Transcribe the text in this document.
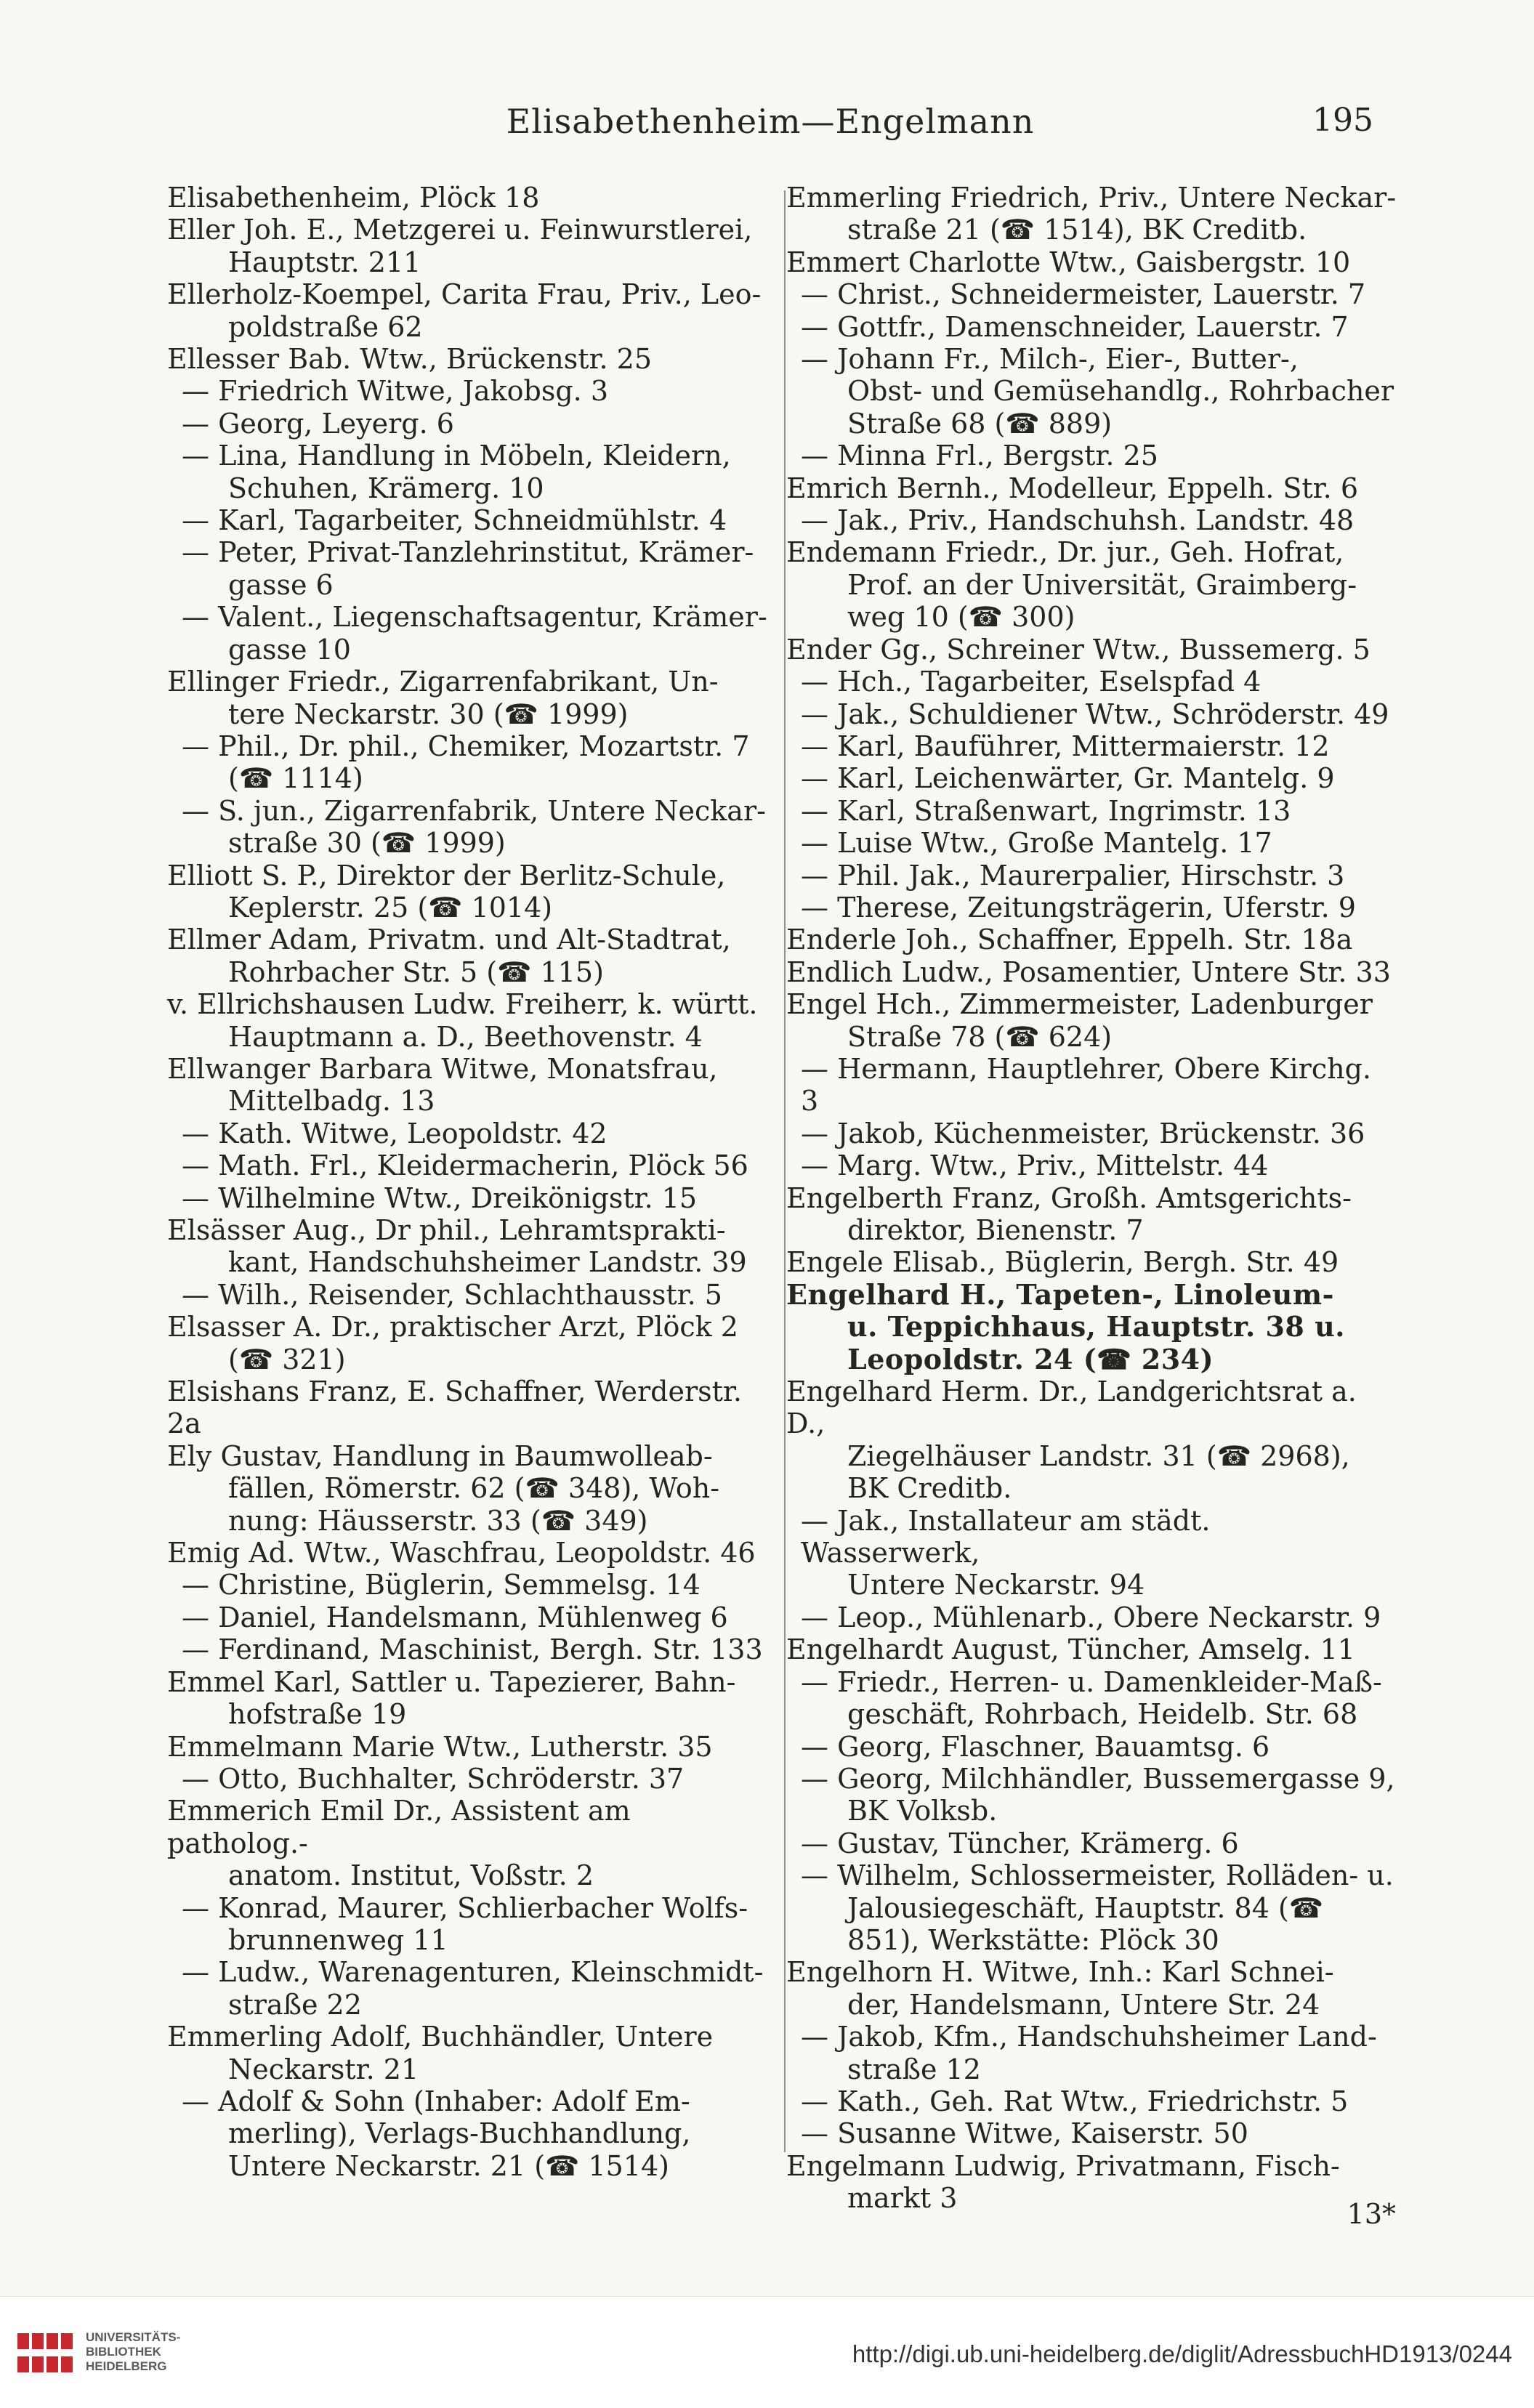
Elisabethenheim—Engelmann	195
Elisabethenheim, Plöck 18
Eller Joh. E., Metzgerei u. Feinwurstlerei,
Hauptstr. 211
Ellerholz-Koempel, Carita Frau, Priv., Leo-
poldstraße 62
Ellesser Bab. Wtw., Brückenstr. 25
— Friedrich Witwe, Jakobsg. 3
— Georg, Leyerg. 6
— Lina, Handlung in Möbeln, Kleidern,
Schuhen, Krämerg. 10
— Karl, Tagarbeiter, Schneidmühlstr. 4
— Peter, Privat-Tanzlehrinstitut, Krämer-
gasse 6
— Valent., Liegenschaftsagentur, Krämer-
gasse 10
Ellinger Friedr., Zigarrenfabrikant, Un-
tere Neckarstr. 30 (☎ 1999)
— Phil., Dr. phil., Chemiker, Mozartstr. 7
(☎ 1114)
— S. jun., Zigarrenfabrik, Untere Neckar-
straße 30 (☎ 1999)
Elliott S. P., Direktor der Berlitz-Schule,
Keplerstr. 25 (☎ 1014)
Ellmer Adam, Privatm. und Alt-Stadtrat,
Rohrbacher Str. 5 (☎ 115)
v. Ellrichshausen Ludw. Freiherr, k. württ.
Hauptmann a. D., Beethovenstr. 4
Ellwanger Barbara Witwe, Monatsfrau,
Mittelbadg. 13
— Kath. Witwe, Leopoldstr. 42
— Math. Frl., Kleidermacherin, Plöck 56
— Wilhelmine Wtw., Dreikönigstr. 15
Elsässer Aug., Dr phil., Lehramtsprakti-
kant, Handschuhsheimer Landstr. 39
— Wilh., Reisender, Schlachthausstr. 5
Elsasser A. Dr., praktischer Arzt, Plöck 2
(☎ 321)
Elsishans Franz, E. Schaffner, Werderstr. 2a
Ely Gustav, Handlung in Baumwolleab-
fällen, Römerstr. 62 (☎ 348), Woh-
nung: Häusserstr. 33 (☎ 349)
Emig Ad. Wtw., Waschfrau, Leopoldstr. 46
— Christine, Büglerin, Semmelsg. 14
— Daniel, Handelsmann, Mühlenweg 6
— Ferdinand, Maschinist, Bergh. Str. 133
Emmel Karl, Sattler u. Tapezierer, Bahn-
hofstraße 19
Emmelmann Marie Wtw., Lutherstr. 35
— Otto, Buchhalter, Schröderstr. 37
Emmerich Emil Dr., Assistent am patholog.-
anatom. Institut, Voßstr. 2
— Konrad, Maurer, Schlierbacher Wolfs-
brunnenweg 11
— Ludw., Warenagenturen, Kleinschmidt-
straße 22
Emmerling Adolf, Buchhändler, Untere
Neckarstr. 21
— Adolf & Sohn (Inhaber: Adolf Em-
merling), Verlags-Buchhandlung,
Untere Neckarstr. 21 (☎ 1514)
Emmerling Friedrich, Priv., Untere Neckar-
straße 21 (☎ 1514), BK Creditb.
Emmert Charlotte Wtw., Gaisbergstr. 10
— Christ., Schneidermeister, Lauerstr. 7
— Gottfr., Damenschneider, Lauerstr. 7
— Johann Fr., Milch-, Eier-, Butter-,
Obst- und Gemüsehandlg., Rohrbacher
Straße 68 (☎ 889)
— Minna Frl., Bergstr. 25
Emrich Bernh., Modelleur, Eppelh. Str. 6
— Jak., Priv., Handschuhsh. Landstr. 48
Endemann Friedr., Dr. jur., Geh. Hofrat,
Prof. an der Universität, Graimberg-
weg 10 (☎ 300)
Ender Gg., Schreiner Wtw., Bussemerg. 5
— Hch., Tagarbeiter, Eselspfad 4
— Jak., Schuldiener Wtw., Schröderstr. 49
— Karl, Bauführer, Mittermaierstr. 12
— Karl, Leichenwärter, Gr. Mantelg. 9
— Karl, Straßenwart, Ingrimstr. 13
— Luise Wtw., Große Mantelg. 17
— Phil. Jak., Maurerpalier, Hirschstr. 3
— Therese, Zeitungsträgerin, Uferstr. 9
Enderle Joh., Schaffner, Eppelh. Str. 18a
Endlich Ludw., Posamentier, Untere Str. 33
Engel Hch., Zimmermeister, Ladenburger
Straße 78 (☎ 624)
— Hermann, Hauptlehrer, Obere Kirchg. 3
— Jakob, Küchenmeister, Brückenstr. 36
— Marg. Wtw., Priv., Mittelstr. 44
Engelberth Franz, Großh. Amtsgerichts-
direktor, Bienenstr. 7
Engele Elisab., Büglerin, Bergh. Str. 49
Engelhard H., Tapeten-, Linoleum-
u. Teppichhaus, Hauptstr. 38 u.
Leopoldstr. 24 (☎ 234)
Engelhard Herm. Dr., Landgerichtsrat a. D.,
Ziegelhäuser Landstr. 31 (☎ 2968),
BK Creditb.
— Jak., Installateur am städt. Wasserwerk,
Untere Neckarstr. 94
— Leop., Mühlenarb., Obere Neckarstr. 9
Engelhardt August, Tüncher, Amselg. 11
— Friedr., Herren- u. Damenkleider-Maß-
geschäft, Rohrbach, Heidelb. Str. 68
— Georg, Flaschner, Bauamtsg. 6
— Georg, Milchhändler, Bussemergasse 9,
BK Volksb.
— Gustav, Tüncher, Krämerg. 6
— Wilhelm, Schlossermeister, Rolläden- u.
Jalousiegeschäft, Hauptstr. 84 (☎
851), Werkstätte: Plöck 30
Engelhorn H. Witwe, Inh.: Karl Schnei-
der, Handelsmann, Untere Str. 24
— Jakob, Kfm., Handschuhsheimer Land-
straße 12
— Kath., Geh. Rat Wtw., Friedrichstr. 5
— Susanne Witwe, Kaiserstr. 50
Engelmann Ludwig, Privatmann, Fisch-
markt 3	13*
UNIVERSITÄTS-
BIBLIOTHEK
HEIDELBERG	http://digi.ub.uni-heidelberg.de/diglit/AdressbuchHD1913/0244
